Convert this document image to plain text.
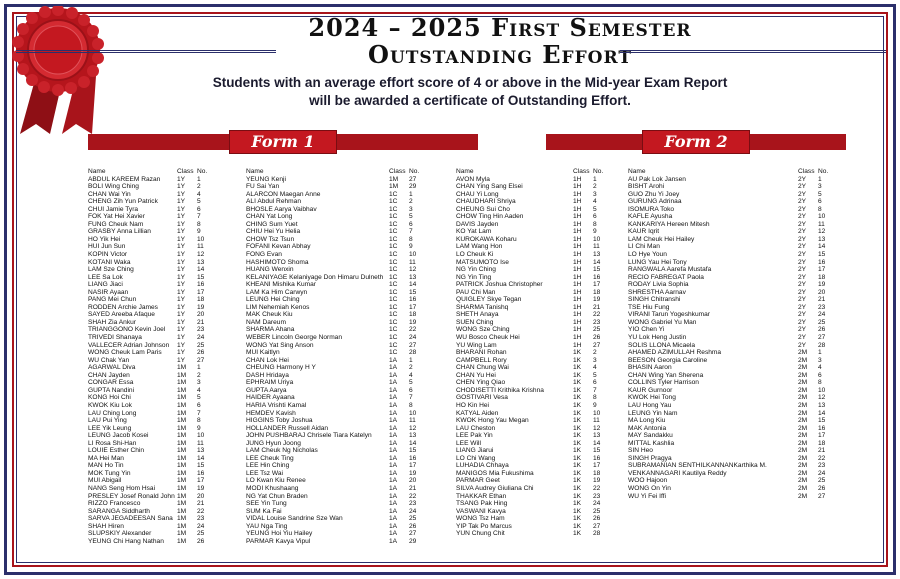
2024 – 2025 First Semester
Outstanding Effort
Students with an average effort score of 4 or above in the Mid-year Exam Report
will be awarded a certificate of Outstanding Effort.
Form 1	Form 2
Name	Class No.
ABDUL KAREEM Razan	1Y	1
BOLI Wing Ching	1Y	2
CHAN Wai Yin	1Y	4
CHENG Zih Yun Patrick	1Y	5
CHUI Jamie Tyra	1Y	6
FOK Yat Hei Xavier	1Y	7
FUNG Cheuk Nam	1Y	8
GRASBY Anna Lillian	1Y	9
HO Yik Hei	1Y	10
HUI Jun Sun	1Y	11
KOPIN Victor	1Y	12
KOTANI Waka	1Y	13
LAM Sze Ching	1Y	14
LEE Sa Lok	1Y	15
LIANG Jiaci	1Y	16
NASIR Ayaan	1Y	17
PANG Mei Chun	1Y	18
RODDEN Archie James	1Y	19
SAYED Areeba Afaque	1Y	20
SHAH Zia Ankur	1Y	21
TRIANGGONO Kevin Joel	1Y	23
TRIVEDI Shanaya	1Y	24
VALLECER Adrian Johnson	1Y	25
WONG Cheuk Lam Paris	1Y	26
WU Chak Yan	1Y	27
AGARWAL Diva	1M	1
CHAN Jayden	1M	2
CONGAR Essa	1M	3
GUPTA Nandini	1M	4
KONG Hoi Chi	1M	5
KWOK Kiu Lok	1M	6
LAU Ching Long	1M	7
LAU Pui Ying	1M	8
LEE Yik Leung	1M	9
LEUNG Jacob Kosei	1M	10
LI Rosa Shi-Han	1M	11
LOUIE Esther Chin	1M	13
MA Hei Man	1M	14
MAN Ho Tin	1M	15
MOK Tung Yin	1M	16
MUI Abigail	1M	17
NANG Seng Hom Hsai	1M	19
PRESLEY Josef Ronald John 1M	20
RIZZO Francesco	1M	21
SARANGA Siddharth	1M	22
SARVA JEGADEESAN Sana 1M	23
SHAH Hiren	1M	24
SLUPSKIY Alexander	1M	25
YEUNG Chi Hang Nathan	1M	26
Name	Class No.
YEUNG Kenji	1M	27
FU Sai Yan	1M	29
ALARCON Maegan Anne	1C	1
ALI Abdul Rehman	1C	2
BHOSLE Aarya Vaibhav	1C	3
CHAN Yat Long	1C	5
CHING Sum Yuet	1C	6
CHIU Hei Yu Helia	1C	7
CHOW Tsz Tsun	1C	8
FOFANI Kevan Abhay	1C	9
FONG Evan	1C	10
HASHIMOTO Shoma	1C	11
HUANG Wenxin	1C	12
KELANIYAGE Kelaniyage Don Himaru Dulneth 1C	13
KHEANI Mishika Kumar	1C	14
LAM Ka Him Carwyn	1C	15
LEUNG Hei Ching	1C	16
LIM Nehemiah Kenos	1C	17
MAK Cheuk Kiu	1C	18
NAM Dareum	1C	19
SHARMA Ahana	1C	22
WEBER Lincoln George Norman	1C	24
WONG Yat Sing Anson	1C	27
MUI Kaitlyn	1C	28
CHAN Lok Hei	1A	1
CHEUNG Harmony H Y	1A	2
DASH Hridaya	1A	4
EPHRAIM Uriya	1A	5
GUPTA Aarya	1A	6
HAIDER Ayaana	1A	7
HARIA Vrishti Kamal	1A	8
HEMDEV Kavish	1A	10
HIGGINS Toby Joshua	1A	11
HOLLANDER Russell Aidan	1A	12
JOHN PUSHBARAJ Chrisele Tiara Katelyn	1A	13
JUNG Hyun Joong	1A	14
LAM Cheuk Ng Nicholas	1A	15
LEE Cheuk Ting	1A	16
LEE Hin Ching	1A	17
LEE Tsz Wai	1A	19
LO Kwan Kiu Renee	1A	20
MODI Khushaang	1A	21
NG Yat Chun Braden	1A	22
SEE Yin Tung	1A	23
SUM Ka Fai	1A	24
VIDAL Louise Sandrine Sze Wan	1A	25
YAU Nga Ting	1A	26
YEUNG Hoi Yiu Hailey	1A	27
PARMAR Kavya Vipul	1A	29
Name	Class No.
AVON Myla	1H	1
CHAN Ying Sang Elsei	1H	2
CHAU Yi Long	1H	3
CHAUDHARI Shriya	1H	4
CHEUNG Sui Cho	1H	5
CHOW Ting Hin Aaden	1H	6
DAVIS Jayden	1H	8
KO Yat Lam	1H	9
KUROKAWA Koharu	1H	10
LAM Wang Hon	1H	11
LO Cheuk Ki	1H	13
MATSUMOTO Ise	1H	14
NG Yin Ching	1H	15
NG Yin Ting	1H	16
PATRICK Joshua Christopher	1H	17
PAU Chi Man	1H	18
QUIGLEY Skye Tegan	1H	19
SHARMA Tanishq	1H	21
SHETH Anaya	1H	22
SUEN Ching	1H	23
WONG Sze Ching	1H	25
WU Bosco Cheuk Hei	1H	26
YU Wing Lam	1H	27
BHARANI Rohan	1K	2
CAMPBELL Rory	1K	3
CHAN Chung Wai	1K	4
CHAN Yu Hei	1K	5
CHEN Ying Qiao	1K	6
CHODISETTI Krithika Krishna	1K	7
GOSTIVARI Vesa	1K	8
HO Kin Hei	1K	9
KATYAL Aiden	1K	10
KWOK Hong Yau Megan	1K	11
LAU Cheston	1K	12
LEE Pak Yin	1K	13
LEE Will	1K	14
LIANG Jiarui	1K	15
LO Chi Wang	1K	16
LUHADIA Chhaya	1K	17
MANIGOS Mia Fukushima	1K	18
PARMAR Geet	1K	19
SILVA Audrey Giuliana Chi	1K	22
THAKKAR Ethan	1K	23
TSANG Pak Hing	1K	24
VASWANI Kavya	1K	25
WONG Tsz Ham	1K	26
YIP Tak Po Marcus	1K	27
YUN Chung Chit	1K	28
Name	Class No.
AU Pak Lok Jansen	2Y	1
BISHT Arohi	2Y	3
GUO Zhu Yi Joey	2Y	5
GURUNG Adrinaa	2Y	6
ISOMURA Toko	2Y	8
KAFLE Ayusha	2Y	10
KANKARIYA Hereen Mitesh	2Y	11
KAUR Iqrit	2Y	12
LAM Cheuk Hei Hailey	2Y	13
LI Chi Man	2Y	14
LO Hye Youn	2Y	15
LUNG Yau Hei Tony	2Y	16
RANGWALA Aarefa Mustafa	2Y	17
RECIO FABREGAT Paola	2Y	18
RODAY Livia Sophia	2Y	19
SHRESTHA Aarnav	2Y	20
SINGH Chitranshi	2Y	21
TSE Hiu Fung	2Y	23
VIRANI Tarun Yogeshkumar	2Y	24
WONG Gabriel Yu Man	2Y	25
YIO Chen Yi	2Y	26
YU Lok Heng Justin	2Y	27
SOLIS LLONA Micaela	2Y	28
AHAMED AZIMULLAH Reshma	2M	1
BEESON Georgia Caroline	2M	3
BHASIN Aaron	2M	4
CHAN Wing Yan Sherena	2M	6
COLLINS Tyler Harrison	2M	8
KAUR Gurnoor	2M	10
KWOK Hei Tong	2M	12
LAU Hong Yau	2M	13
LEUNG Yin Nam	2M	14
MA Long Kiu	2M	15
MAK Antonia	2M	16
MAY Sandakku	2M	17
MITTAL Kashlia	2M	18
SIN Heo	2M	21
SINGH Pragya	2M	22
SUBRAMANIAN SENTHILKANNANKarthika M.	2M	23
VENKANNAGARI Kautilya Reddy	2M	24
WOO Hajoon	2M	25
WONG On Yin	2M	26
WU Yi Fei Iffi	2M	27
